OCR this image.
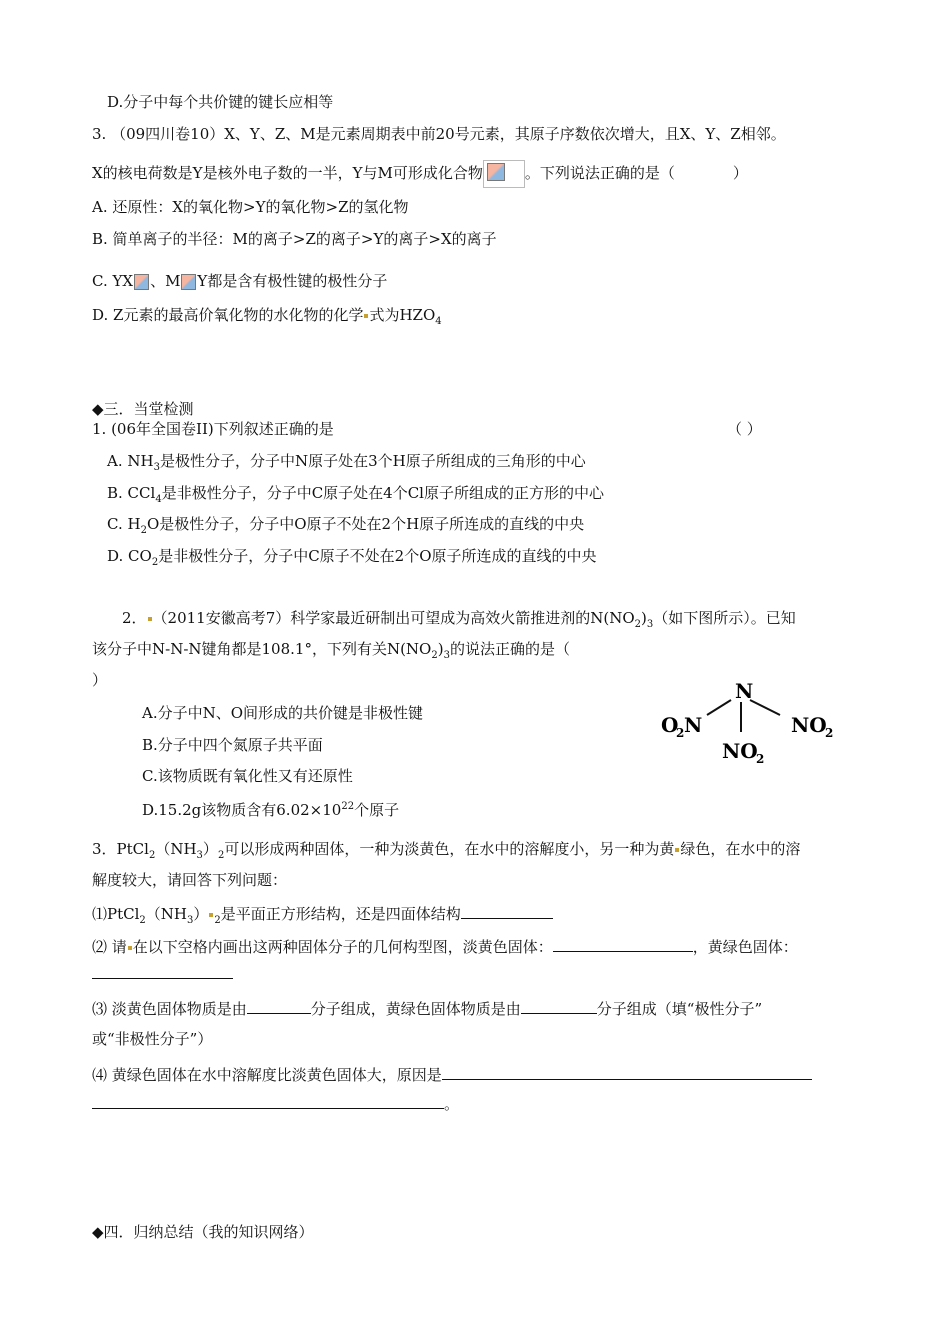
D.分子中每个共价键的键长应相等
3. （09四川卷10）X、Y、Z、M是元素周期表中前20号元素，其原子序数依次增大，且X、Y、Z相邻。
X的核电荷数是Y是核外电子数的一半，Y与M可形成化合物	。下列说法正确的是（	）
A. 还原性：X的氧化物>Y的氧化物>Z的氢化物
B. 简单离子的半径：M的离子>Z的离子>Y的离子>X的离子
C. YX 、M Y都是含有极性键的极性分子
D. Z元素的最高价氧化物的水化物的化学 式为$HZO_4$
◆三．当堂检测
1. (06年全国卷II)下列叙述正确的是	（ ）
A. $NH_3$是极性分子，分子中N原子处在3个H原子所组成的三角形的中心
B. CCl$_4$是非极性分子，分子中C原子处在4个Cl原子所组成的正方形的中心
C. $H_2O$是极性分子，分子中O原子不处在2个H原子所连成的直线的中央
D. $CO_2$是非极性分子，分子中C原子不处在2个O原子所连成的直线的中央
2． （2011安徽高考7）科学家最近研制出可望成为高效火箭推进剂的$N(NO_2)_3$（如下图所示）。已知
该分子中N-N-N键角都是108.1°，下列有关$N(NO_2)_3$的说法正确的是（
）
A.分子中N、O间形成的共价键是非极性键
B.分子中四个氮原子共平面
C.该物质既有氧化性又有还原性
D.15.2g该物质含有$6.02\times 10^{22}$个原子
N
O
2 N	NO
2
NO
2
3．$PtCl_2(NH_3)_2$可以形成两种固体，一种为淡黄色，在水中的溶解度小，另一种为黄 绿色，在水中的溶
解度较大，请回答下列问题：
$⑴PtCl_2(NH_3)$ $_2$是平面正方形结构，还是四面体结构
⑵ 请 在以下空格内画出这两种固体分子的几何构型图，淡黄色固体：	，黄绿色固体：
⑶ 淡黄色固体物质是由	分子组成，黄绿色固体物质是由	分子组成（填“极性分子”
或“非极性分子”）
⑷ 黄绿色固体在水中溶解度比淡黄色固体大，原因是
。
◆四．归纳总结（我的知识网络）
